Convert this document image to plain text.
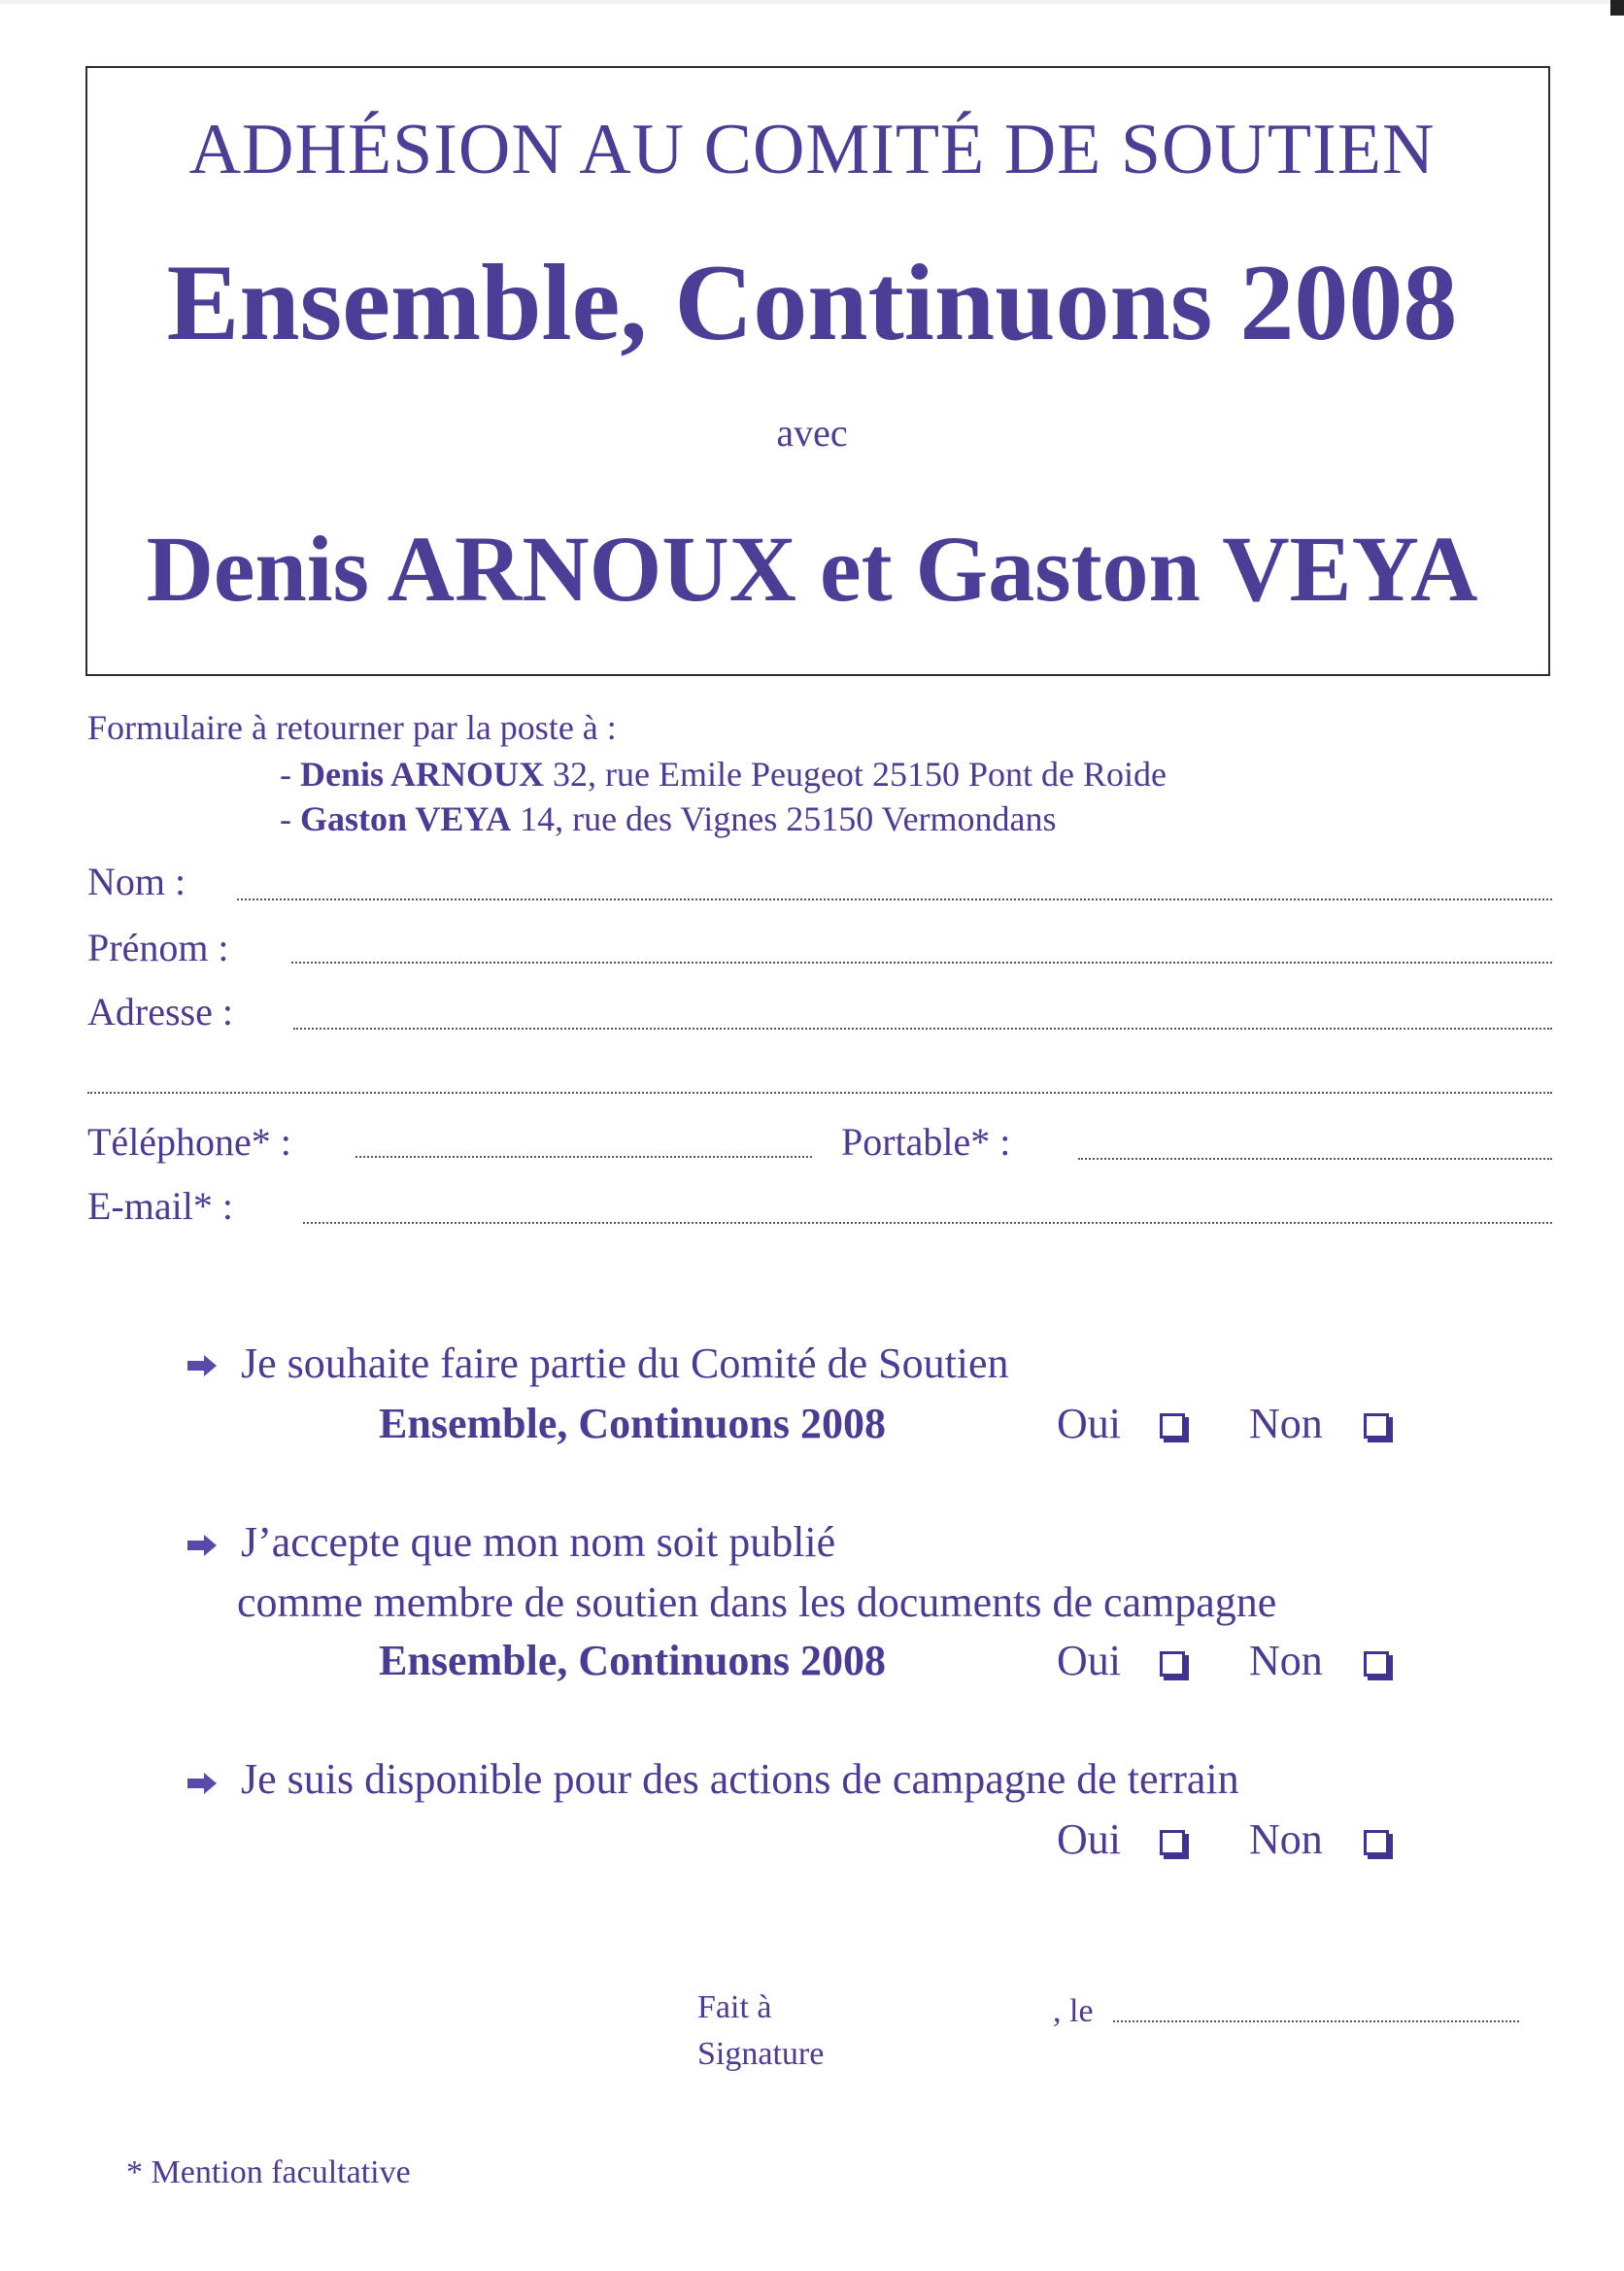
ADHÉSION AU COMITÉ DE SOUTIEN
Ensemble, Continuons 2008
avec
Denis ARNOUX et Gaston VEYA
Formulaire à retourner par la poste à :
- Denis ARNOUX 32, rue Emile Peugeot 25150 Pont de Roide
- Gaston VEYA 14, rue des Vignes 25150 Vermondans
Nom :
Prénom :
Adresse :
Téléphone* :	Portable* :
E-mail* :
Je souhaite faire partie du Comité de Soutien
Ensemble, Continuons 2008	Oui	Non
J’accepte que mon nom soit publié
comme membre de soutien dans les documents de campagne
Ensemble, Continuons 2008	Oui	Non
Je suis disponible pour des actions de campagne de terrain
Oui	Non
Fait à	, le
Signature
* Mention facultative
